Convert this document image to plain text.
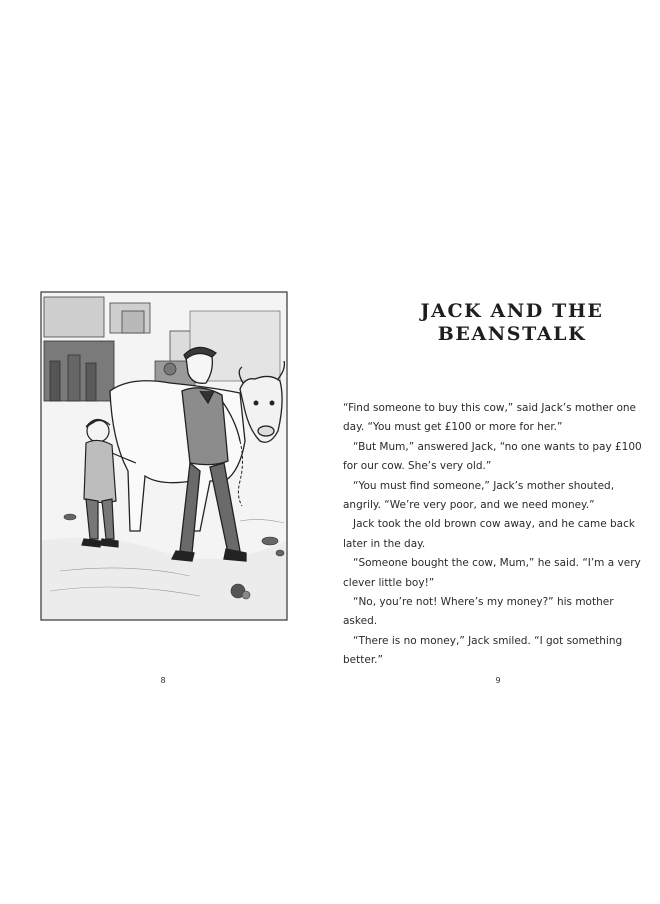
8
JACK AND THE
BEANSTALK

“Find someone to buy this cow,” said Jack’s mother one day. “You must get £100 or more for her.”

“But Mum,” answered Jack, “no one wants to pay £100 for our cow. She’s very old.”

“You must find someone,” Jack’s mother shouted, angrily. “We’re very poor, and we need money.”

Jack took the old brown cow away, and he came back later in the day.

“Someone bought the cow, Mum,” he said. “I’m a very clever little boy!”

“No, you’re not! Where’s my money?” his mother asked.

“There is no money,” Jack smiled. “I got something better.”

9
